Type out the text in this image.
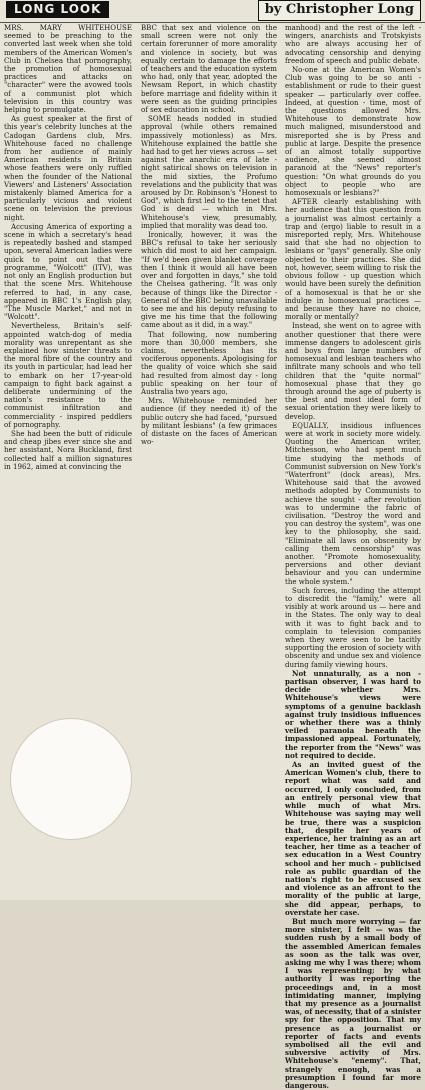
LONG LOOK	by Christopher Long

MRS. MARY WHITEHOUSE seemed to be preaching to the converted last week when she told members of the American Women's Club in Chelsea that pornography, the promotion of homosexual practices and attacks on "character" were the avowed tools of a communist plot which television in this country was helping to promulgate.

As guest speaker at the first of this year's celebrity lunches at the Cadogan Gardens club, Mrs. Whitehouse faced no challenge from her audience of mainly American residents in Britain whose feathers were only ruffled when the founder of the National Viewers' and Listeners' Association mistakenly blamed America for a particularly vicious and violent scene on television the previous night.

Accusing America of exporting a scene in which a secretary's head is repeatedly bashed and stamped upon, several American ladies were quick to point out that the programme, "Wolcott" (ITV), was not only an English production but that the scene Mrs. Whitehouse referred to had, in any case, appeared in BBC 1's English play, "The Muscle Market," and not in "Wolcott".

Nevertheless, Britain's self-appointed watch-dog of media morality was unrepentant as she explained how sinister threats to the moral fibre of the country and its youth in particular, had lead her to embark on her 17-year-old campaign to fight back against a deliberate undermining of the nation's resistance to the communist infiltration and commerciality - inspired peddlers of pornography.

She had been the butt of ridicule and cheap jibes ever since she and her assistant, Nora Buckland, first collected half a million signatures in 1962, aimed at convincing the

BBC that sex and violence on the small screen were not only the certain forerunner of more amorality and violence in society, but was equally certain to damage the efforts of teachers and the education system who had, only that year, adopted the Newsam Report, in which chastity before marriage and fidelity within it were seen as the guiding principles of sex education in school.

SOME heads nodded in studied approval (while others remained impassively motionless) as Mrs. Whitehouse explained the battle she had had to get her views across — set against the anarchic era of late - night satirical shows on television in the mid sixties, the Profumo revelations and the publicity that was aroused by Dr. Robinson's "Honest to God", which first led to the tenet that God is dead — which in Mrs. Whitehouse's view, presumably, implied that morality was dead too.

Ironically, however, it was the BBC's refusal to take her seriously which did most to aid her campaign. "If we'd been given blanket coverage then I think it would all have been over and forgotten in days," she told the Chelsea gathering. "It was only because of things like the Director - General of the BBC being unavailable to see me and his deputy refusing to give me his time that the following came about as it did, in a way."

That following, now numbering more than 30,000 members, she claims, nevertheless has its vociferous opponents. Apologising for the quality of voice which she said had resulted from almost day - long public speaking on her tour of Australia two years ago,

Mrs. Whitehouse reminded her audience (if they needed it) of the public outcry she had faced, "pursued by militant lesbians" (a few grimaces of distaste on the faces of American wo-

manhood) and the rest of the left - wingers, anarchists and Trotskyists who are always accusing her of advocating censorship and denying freedom of speech and public debate.

No-one at the American Women's Club was going to be so anti - establishment or rude to their guest speaker — particularly over coffee. Indeed, at question - time, most of the questions allowed Mrs. Whitehouse to demonstrate how much maligned, misunderstood and misreported she is by Press and public at large. Despite the presence of an almost totally supportive audience, she seemed almost paranoid at the "News" reporter's question: "On what grounds do you object to people who are homosexuals or lesbians?"

AFTER clearly establishing with her audience that this question from a journalist was almost certainly a trap and (ergo) liable to result in a misreported reply, Mrs. Whitehouse said that she had no objection to lesbians or "gays" generally. She only objected to their practices. She did not, however, seem willing to risk the obvious follow - up question which would have been surely the definition of a homosexual is that he or she indulge in homosexual practices — and because they have no choice, morally or mentally?

Instead, she went on to agree with another questioner that there were immense dangers to adolescent girls and boys from large numbers of homosexual and lesbian teachers who infiltrate many schools and who tell children that the "quite normal" homosexual phase that they go through around the age of puberty is the best and most ideal form of sexual orientation they were likely to develop.

EQUALLY, insidious influences were at work in society more widely. Quoting the American writer, Mitchesson, who had spent much time studying the methods of Communist subversion on New York's "Waterfront" (dock areas), Mrs. Whitehouse said that the avowed methods adopted by Communists to achieve the sought - after revolution was to undermine the fabric of civilisation. "Destroy the word and you can destroy the system", was one key to the philosophy, she said. "Eliminate all laws on obscenity by calling them censorship" was another. "Promote homosexuality, perversions and other deviant behaviour and you can undermine the whole system."

Such forces, including the attempt to discredit the "family," were all visibly at work around us — here and in the States. The only way to deal with it was to fight back and to complain to television companies when they were seen to be tacitly supporting the erosion of society with obscenity and undue sex and violence during family viewing hours.

Not unnaturally, as a non - partisan observer, I was hard to decide whether Mrs. Whitehouse's views were symptoms of a genuine backlash against truly insidious influences or whether there was a thinly veiled paranoia beneath the impassioned appeal. Fortunately, the reporter from the "News" was not required to decide.

As an invited guest of the American Women's club, there to report what was said and occurred, I only concluded, from an entirely personal view that while much of what Mrs. Whitehouse was saying may well be true, there was a suspicion that, despite her years of experience, her training as an art teacher, her time as a teacher of sex education in a West Country school and her much - publicised role as public guardian of the nation's right to be excused sex and violence as an affront to the morality of the public at large, she did appear, perhaps, to overstate her case.

But much more worrying — far more sinister, I felt — was the sudden rush by a small body of the assembled American females as soon as the talk was over, asking me why I was there; whom I was representing; by what authority I was reporting the proceedings and, in a most intimidating manner, implying that my presence as a journalist was, of necessity, that of a sinister spy for the opposition. That my presence as a journalist or reporter of facts and events symbolised all the evil and subversive activity of Mrs. Whitehouse's "enemy". That, strangely enough, was a presumption I found far more dangerous.
